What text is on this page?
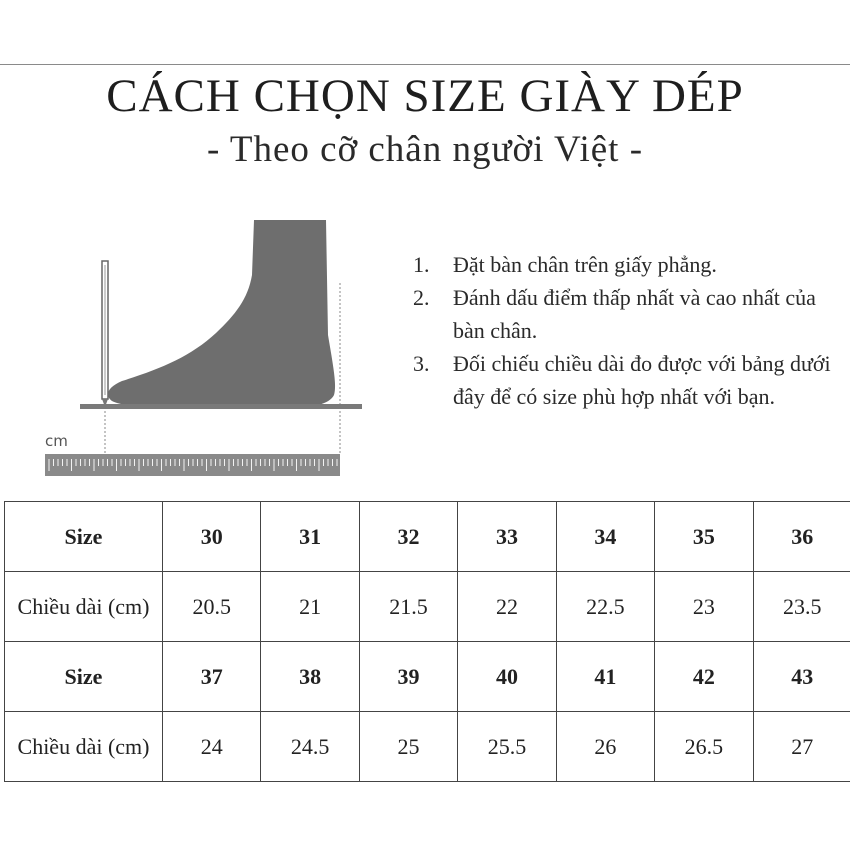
CÁCH CHỌN SIZE GIÀY DÉP
- Theo cỡ chân người Việt -
cm
1.	Đặt bàn chân trên giấy phẳng.
2.	Đánh dấu điểm thấp nhất và cao nhất của bàn chân.
3.	Đối chiếu chiều dài đo được với bảng dưới đây để có size phù hợp nhất với bạn.
Size	30	31	32	33	34	35	36
Chiều dài (cm)	20.5	21	21.5	22	22.5	23	23.5
Size	37	38	39	40	41	42	43
Chiều dài (cm)	24	24.5	25	25.5	26	26.5	27
